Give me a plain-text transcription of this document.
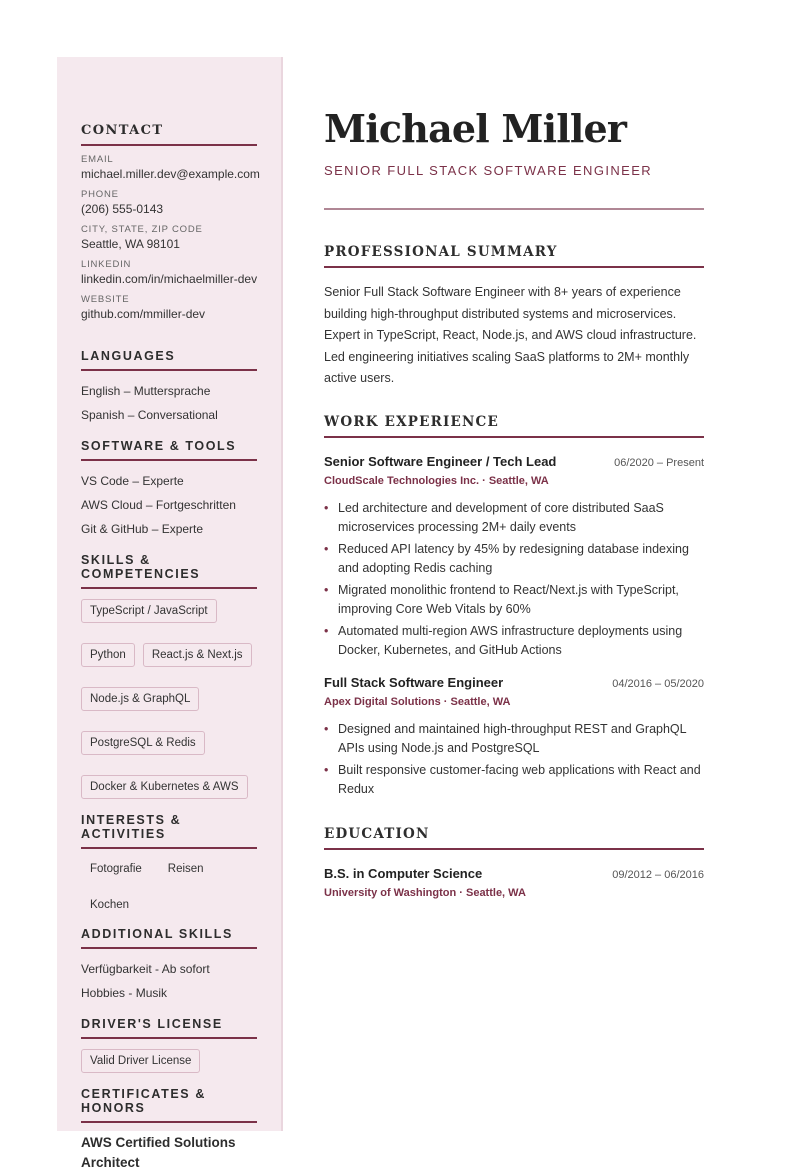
CONTACT
EMAIL
michael.miller.dev@example.com
PHONE
(206) 555-0143
CITY, STATE, ZIP CODE
Seattle, WA 98101
LINKEDIN
linkedin.com/in/michaelmiller-dev
WEBSITE
github.com/mmiller-dev
LANGUAGES
English – Muttersprache
Spanish – Conversational
SOFTWARE & TOOLS
VS Code – Experte
AWS Cloud – Fortgeschritten
Git & GitHub – Experte
SKILLS & COMPETENCIES
TypeScript / JavaScript
Python	React.js & Next.js
Node.js & GraphQL
PostgreSQL & Redis
Docker & Kubernetes & AWS
INTERESTS & ACTIVITIES
Fotografie	Reisen
Kochen
ADDITIONAL SKILLS
Verfügbarkeit - Ab sofort
Hobbies - Musik
DRIVER'S LICENSE
Valid Driver License
CERTIFICATES & HONORS
AWS Certified Solutions Architect
Michael Miller
SENIOR FULL STACK SOFTWARE ENGINEER
PROFESSIONAL SUMMARY
Senior Full Stack Software Engineer with 8+ years of experience building high-throughput distributed systems and microservices. Expert in TypeScript, React, Node.js, and AWS cloud infrastructure. Led engineering initiatives scaling SaaS platforms to 2M+ monthly active users.
WORK EXPERIENCE
Senior Software Engineer / Tech Lead	06/2020 – Present
CloudScale Technologies Inc. · Seattle, WA
• Led architecture and development of core distributed SaaS microservices processing 2M+ daily events
• Reduced API latency by 45% by redesigning database indexing and adopting Redis caching
• Migrated monolithic frontend to React/Next.js with TypeScript, improving Core Web Vitals by 60%
• Automated multi-region AWS infrastructure deployments using Docker, Kubernetes, and GitHub Actions
Full Stack Software Engineer	04/2016 – 05/2020
Apex Digital Solutions · Seattle, WA
• Designed and maintained high-throughput REST and GraphQL APIs using Node.js and PostgreSQL
• Built responsive customer-facing web applications with React and Redux
EDUCATION
B.S. in Computer Science	09/2012 – 06/2016
University of Washington · Seattle, WA
